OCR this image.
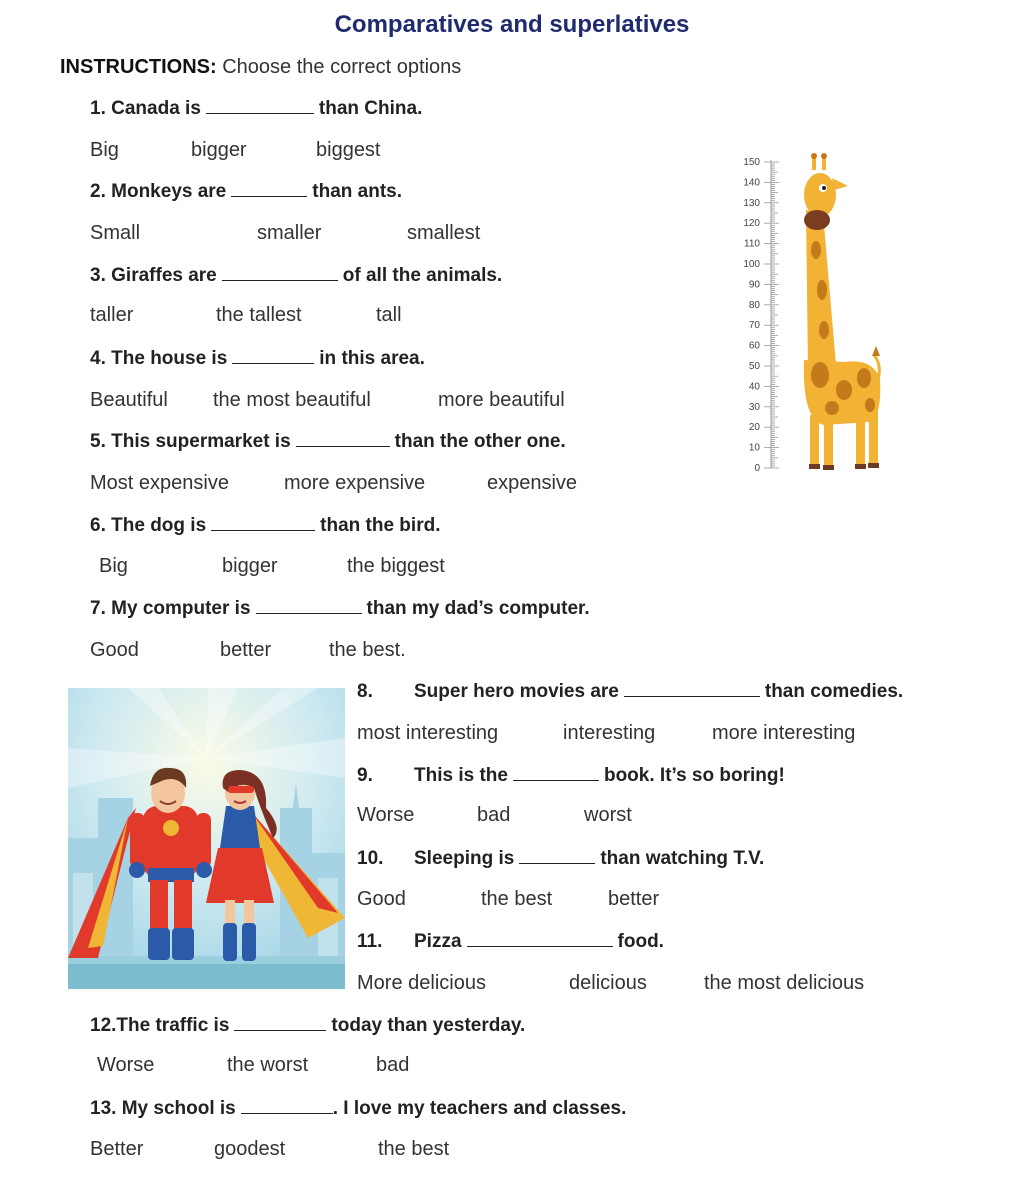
Comparatives and superlatives
INSTRUCTIONS: Choose the correct options
1. Canada is	than China.
Big	bigger	biggest
2. Monkeys are	than ants.
Small	smaller	smallest
3. Giraffes are	of all the animals.
taller	the tallest	tall
4. The house is	in this area.
Beautiful the most beautiful	more beautiful
5. This supermarket is	than the other one.
Most expensive	more expensive	expensive
6. The dog is	than the bird.
Big	bigger	the biggest
7. My computer is	than my dad’s computer.
Good	better	the best.
150
140
130
120
110
100
90
80
70
60
50
40
30
20
10
0
8. Super hero movies are	than comedies.
most interesting	interesting	more interesting
9. This is the	book. It’s so boring!
Worse	bad	worst
10. Sleeping is	than watching T.V.
Good	the best	better
11. Pizza	food.
More delicious	delicious	the most delicious
12.The traffic is	today than yesterday.
Worse	the worst	bad
13. My school is	. I love my teachers and classes.
Better	goodest	the best
